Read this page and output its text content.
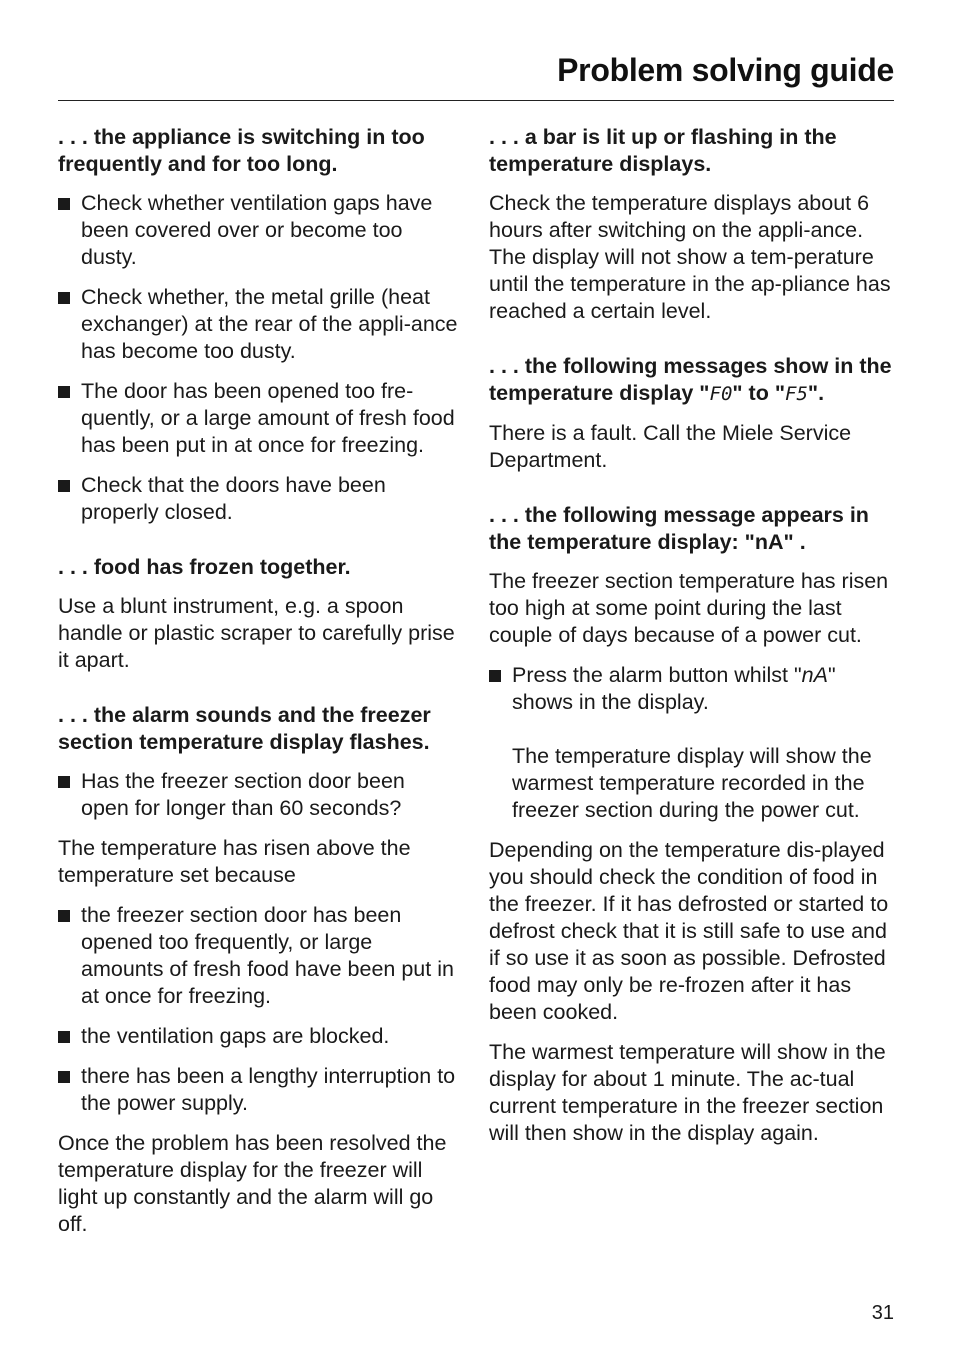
Problem solving guide
. . . the appliance is switching in too frequently and for too long.
Check whether ventilation gaps have been covered over or become too dusty.
Check whether, the metal grille (heat exchanger) at the rear of the appli-ance has become too dusty.
The door has been opened too fre-quently, or a large amount of fresh food has been put in at once for freezing.
Check that the doors have been properly closed.
. . . food has frozen together.

Use a blunt instrument, e.g. a spoon handle or plastic scraper to carefully prise it apart.

. . . the alarm sounds and the freezer section temperature display flashes.
Has the freezer section door been open for longer than 60 seconds?

The temperature has risen above the temperature set because

the freezer section door has been opened too frequently, or large amounts of fresh food have been put in at once for freezing.
the ventilation gaps are blocked.
there has been a lengthy interruption to the power supply.

Once the problem has been resolved the temperature display for the freezer will light up constantly and the alarm will go off.

. . . a bar is lit up or flashing in the temperature displays.

Check the temperature displays about 6 hours after switching on the appli-ance. The display will not show a tem-perature until the temperature in the ap-pliance has reached a certain level.

. . . the following messages show in the temperature display "F0" to "F5".

There is a fault. Call the Miele Service Department.

. . . the following message appears in the temperature display: "nA" .

The freezer section temperature has risen too high at some point during the last couple of days because of a power cut.

Press the alarm button whilst "nA" shows in the display.
The temperature display will show the warmest temperature recorded in the freezer section during the power cut.

Depending on the temperature dis-played you should check the condition of food in the freezer. If it has defrosted or started to defrost check that it is still safe to use and if so use it as soon as possible. Defrosted food may only be re-frozen after it has been cooked.

The warmest temperature will show in the display for about 1 minute. The ac-tual current temperature in the freezer section will then show in the display again.

31
